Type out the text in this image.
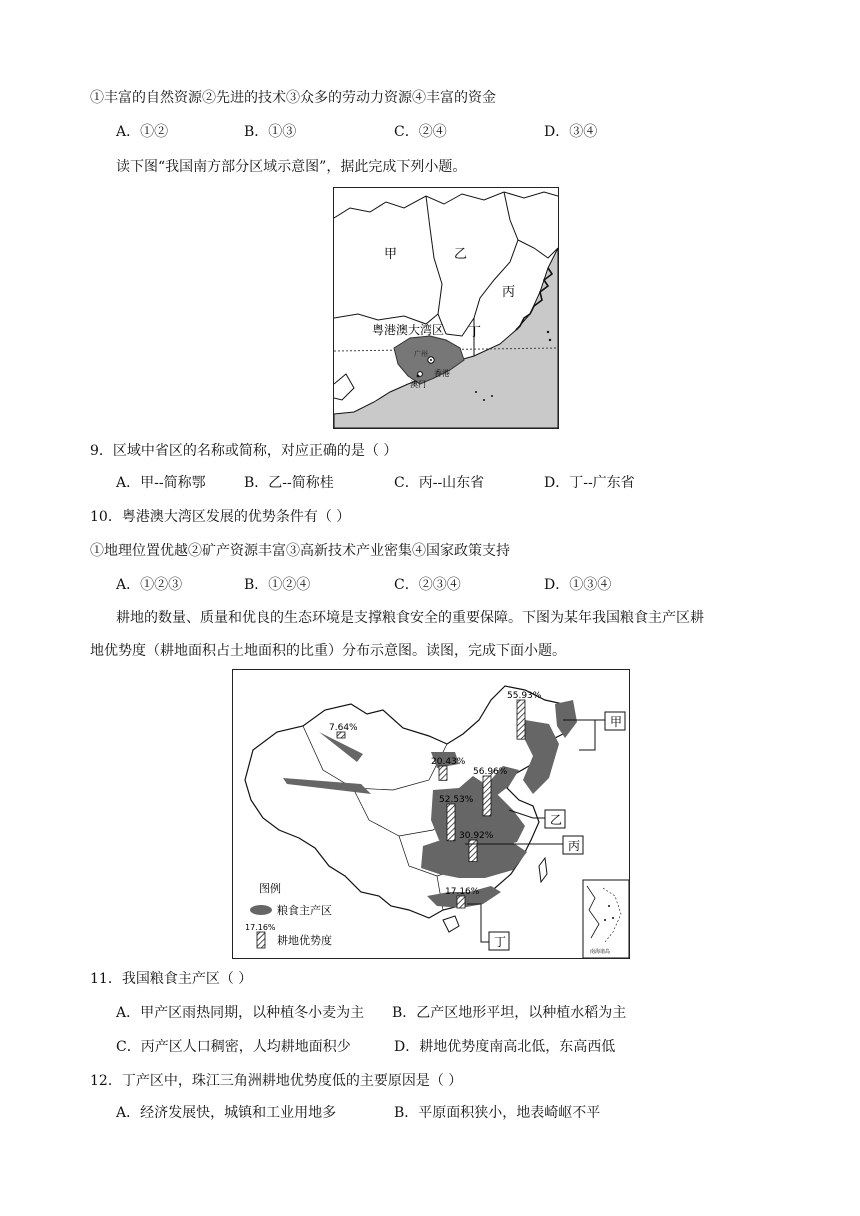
①丰富的自然资源②先进的技术③众多的劳动力资源④丰富的资金
A．①②	B．①③	C．②④	D．③④
读下图“我国南方部分区域示意图”，据此完成下列小题。
甲	乙
丙
丁
粤港澳大湾区
广州
香港
澳门
9．区域中省区的名称或简称，对应正确的是（ ）
A．甲--简称鄂	B．乙--简称桂	C．丙--山东省	D．丁--广东省
10．粤港澳大湾区发展的优势条件有（ ）
①地理位置优越②矿产资源丰富③高新技术产业密集④国家政策支持
A．①②③	B．①②④	C．②③④	D．①③④
耕地的数量、质量和优良的生态环境是支撑粮食安全的重要保障。下图为某年我国粮食主产区耕
地优势度（耕地面积占土地面积的比重）分布示意图。读图，完成下面小题。
7.64%
55.93%
20.43%
56.96%
52.53%
30.92%
17.16%
甲
乙
丙
丁
图例
粮食主产区
17.16%
耕地优势度
南海诸岛
11．我国粮食主产区（ ）
A．甲产区雨热同期，以种植冬小麦为主 B．乙产区地形平坦，以种植水稻为主
C．丙产区人口稠密，人均耕地面积少	D．耕地优势度南高北低，东高西低
12．丁产区中，珠江三角洲耕地优势度低的主要原因是（ ）
A．经济发展快，城镇和工业用地多	B．平原面积狭小，地表崎岖不平
